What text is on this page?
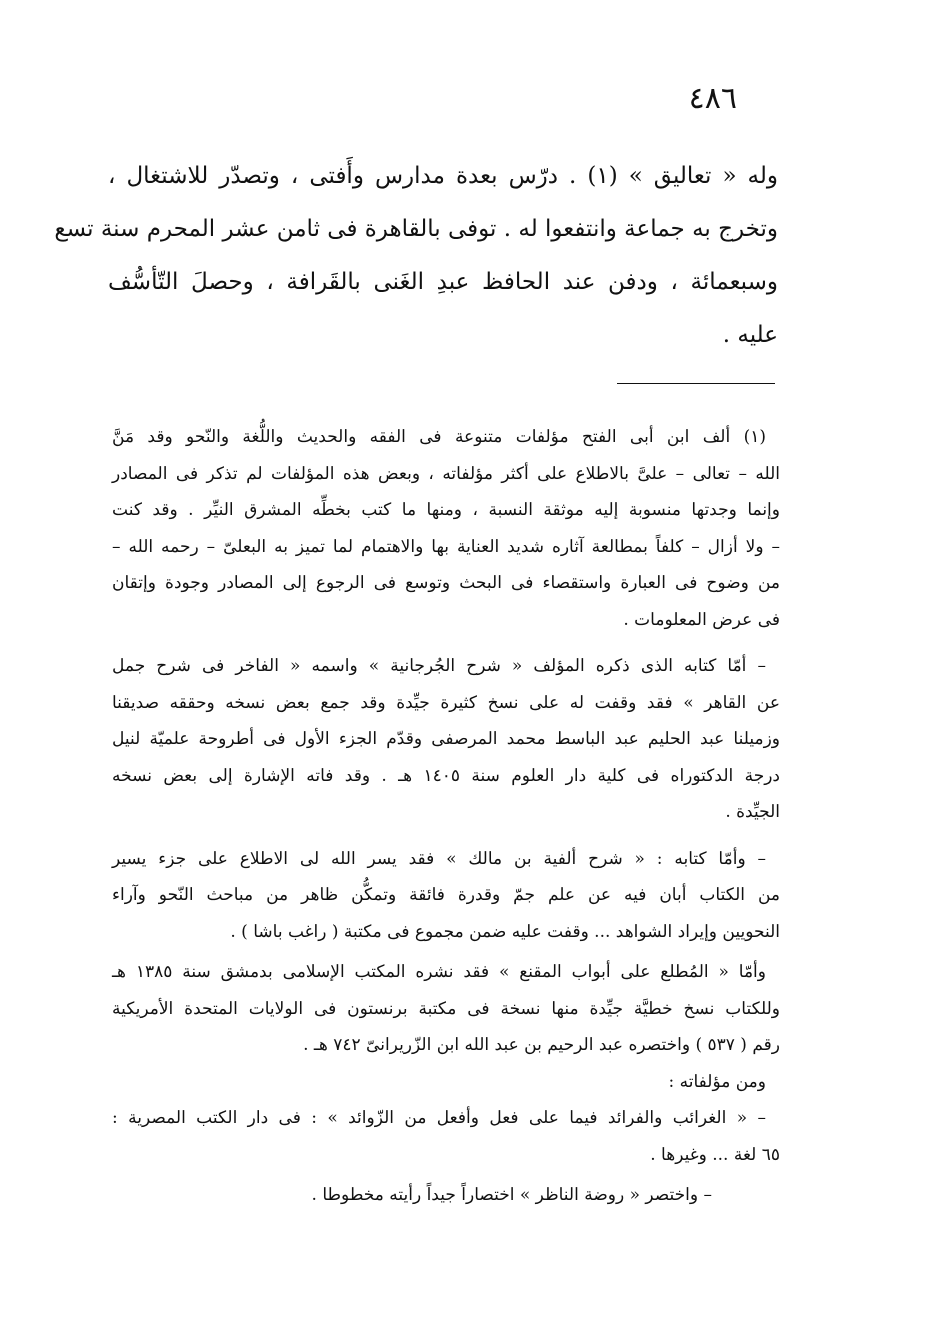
٤٨٦
وله « تعاليق » (١) . درّس بعدة مدارس وأَفتى ، وتصدّر للاشتغال ،
وتخرج به جماعة وانتفعوا له . توفى بالقاهرة فى ثامن عشر المحرم سنة تسع
وسبعمائة ، ودفن عند الحافظ عبدِ الغَنى بالقَرافة ، وحصلَ التّأسُّف
عليه .
(١) ألف ابن أبى الفتح مؤلفات متنوعة فى الفقه والحديث واللُّغة والنّحو وقد مَنَّ
الله – تعالى – علىَّ بالاطلاع على أكثر مؤلفاته ، وبعض هذه المؤلفات لم تذكر فى المصادر
وإنما وجدتها منسوبة إليه موثقة النسبة ، ومنها ما كتب بخطِّه المشرق النيِّر . وقد كنت
– ولا أزال – كلفاً بمطالعة آثاره شديد العناية بها والاهتمام لما تميز به البعلىّ – رحمه الله –
من وضوح فى العبارة واستقصاء فى البحث وتوسع فى الرجوع إلى المصادر وجودة وإتقان
فى عرض المعلومات .
– أمّا كتابه الذى ذكره المؤلف « شرح الجُرجانية » واسمه « الفاخر فى شرح جمل
عن القاهر » فقد وقفت له على نسخ كثيرة جيِّدة وقد جمع بعض نسخه وحققه صديقنا
وزميلنا عبد الحليم عبد الباسط محمد المرصفى وقدّم الجزء الأول فى أطروحة علميّة لنيل
درجة الدكتوراه فى كلية دار العلوم سنة ١٤٠٥ هـ . وقد فاته الإشارة إلى بعض نسخه
الجيِّدة .
– وأمّا كتابه : « شرح ألفية بن مالك » فقد يسر الله لى الاطلاع على جزء يسير
من الكتاب أبان فيه عن علم جمّ وقدرة فائقة وتمكُّن ظاهر من مباحث النّحو وآراء
النحويين وإيراد الشواهد ... وقفت عليه ضمن مجموع فى مكتبة ( راغب باشا ) .
وأمّا « المُطلع على أبواب المقنع » فقد نشره المكتب الإسلامى بدمشق سنة ١٣٨٥ هـ
وللكتاب نسخ خطيَّة جيِّدة منها نسخة فى مكتبة برنستون فى الولايات المتحدة الأمريكية
رقم ( ٥٣٧ ) واختصره عبد الرحيم بن عبد الله ابن الزّريرانىّ ٧٤٢ هـ .
ومن مؤلفاته :
– « الغرائب والفرائد فيما على فعل وأفعل من الزّوائد » : فى دار الكتب المصرية :
٦٥ لغة ... وغيرها .
– واختصر « روضة الناظر » اختصاراً جيداً رأيته مخطوطا .
